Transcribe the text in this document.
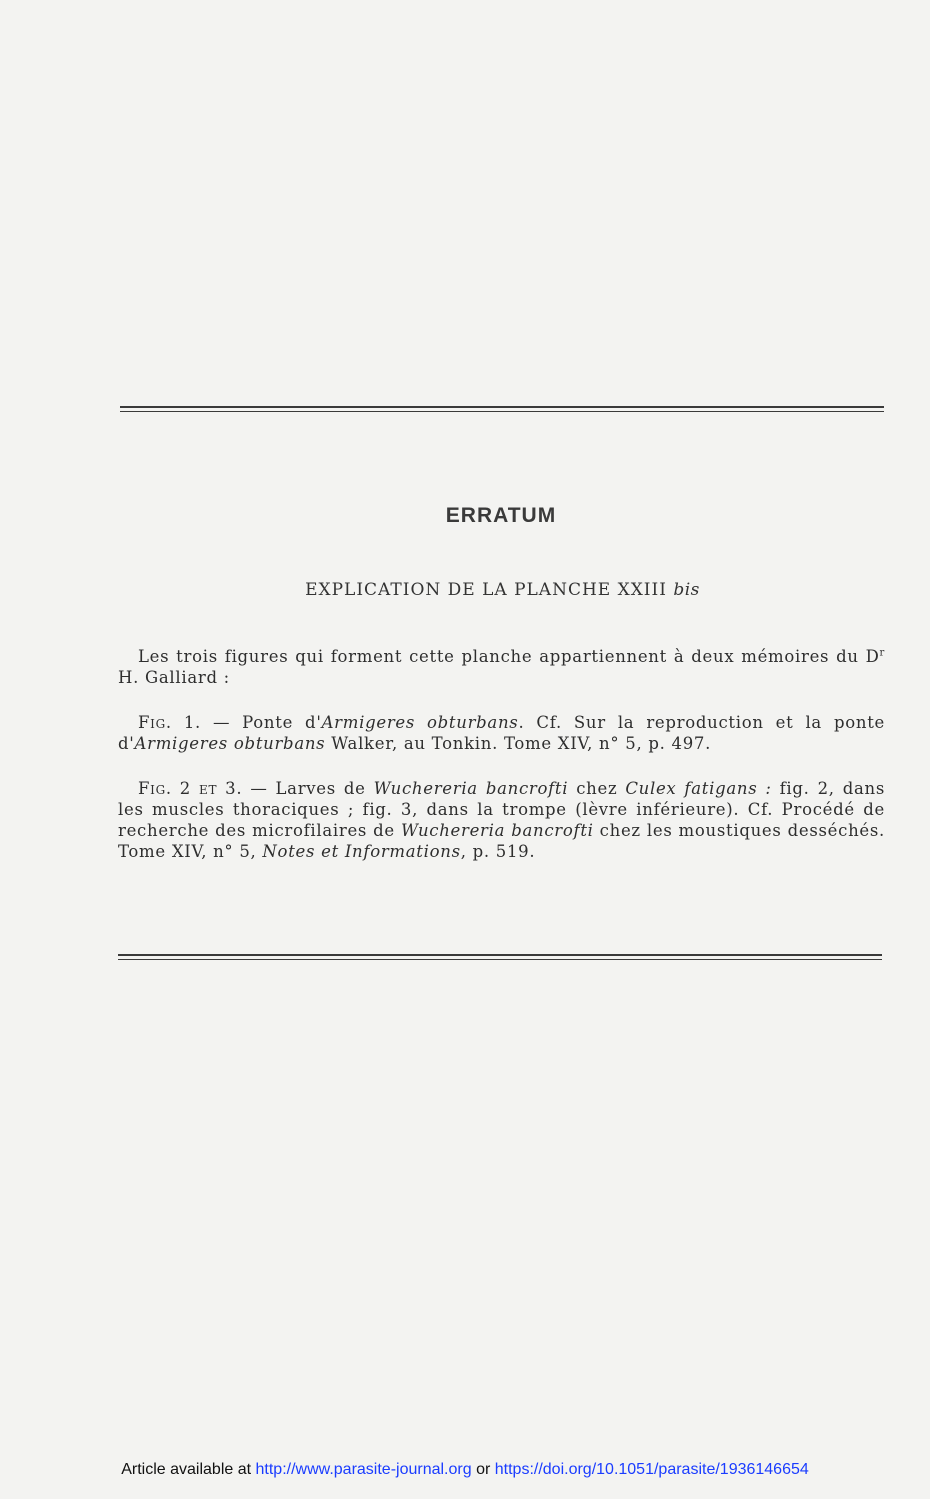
ERRATUM
EXPLICATION DE LA PLANCHE XXIII bis
Les trois figures qui forment cette planche appartiennent à deux mémoires du $D^r$ H. Galliard :
Fig. 1. — Ponte d'Armigeres obturbans. Cf. Sur la reproduction et la ponte d'Armigeres obturbans Walker, au Tonkin. Tome XIV, n° 5, p. 497.
Fig. 2 et 3. — Larves de Wuchereria bancrofti chez Culex fatigans : fig. 2, dans les muscles thoraciques ; fig. 3, dans la trompe (lèvre inférieure). Cf. Procédé de recherche des microfilaires de Wuchereria bancrofti chez les moustiques desséchés. Tome XIV, n° 5, Notes et Informations, p. 519.
Article available at http://www.parasite-journal.org or https://doi.org/10.1051/parasite/1936146654
